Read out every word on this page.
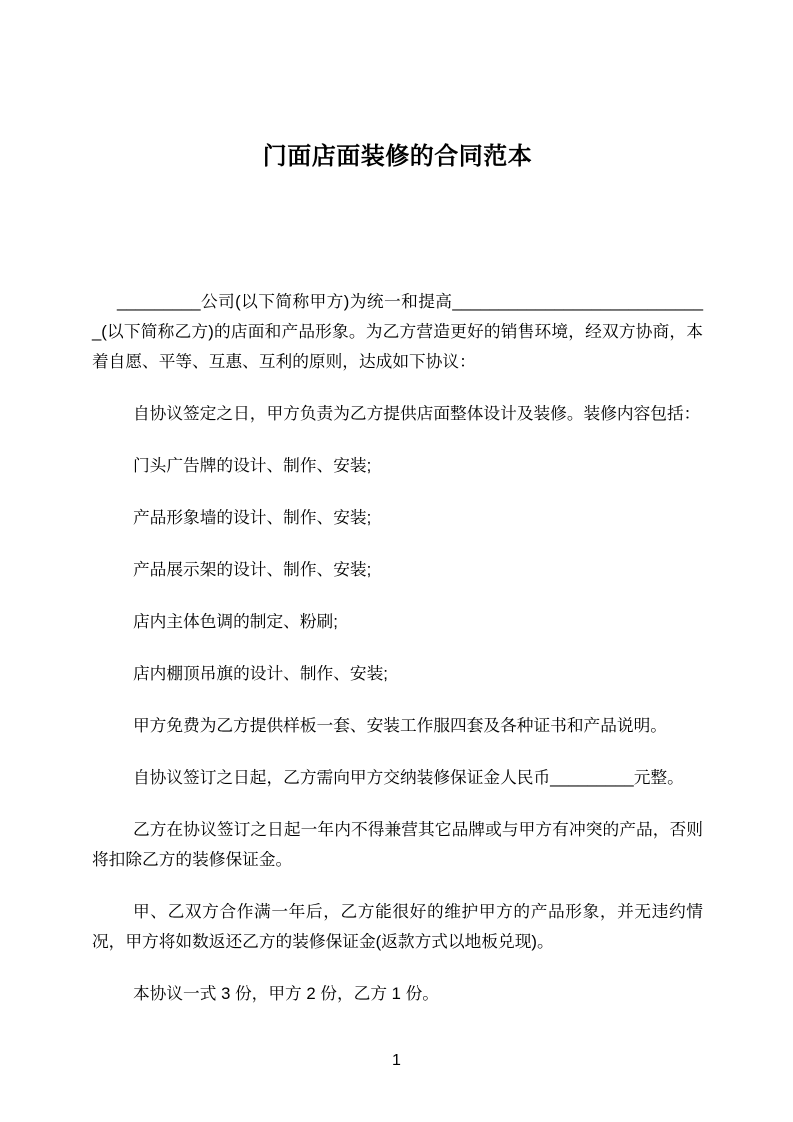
门面店面装修的合同范本

_________公司(以下简称甲方)为统一和提高____________________________(以下简称乙方)的店面和产品形象。为乙方营造更好的销售环境，经双方协商，本着自愿、平等、互惠、互利的原则，达成如下协议：

自协议签定之日，甲方负责为乙方提供店面整体设计及装修。装修内容包括：

门头广告牌的设计、制作、安装;

产品形象墙的设计、制作、安装;

产品展示架的设计、制作、安装;

店内主体色调的制定、粉刷;

店内棚顶吊旗的设计、制作、安装;

甲方免费为乙方提供样板一套、安装工作服四套及各种证书和产品说明。

自协议签订之日起，乙方需向甲方交纳装修保证金人民币_________元整。

乙方在协议签订之日起一年内不得兼营其它品牌或与甲方有冲突的产品，否则将扣除乙方的装修保证金。

甲、乙双方合作满一年后，乙方能很好的维护甲方的产品形象，并无违约情况，甲方将如数返还乙方的装修保证金(返款方式以地板兑现)。

本协议一式 3 份，甲方 2 份，乙方 1 份。

1
